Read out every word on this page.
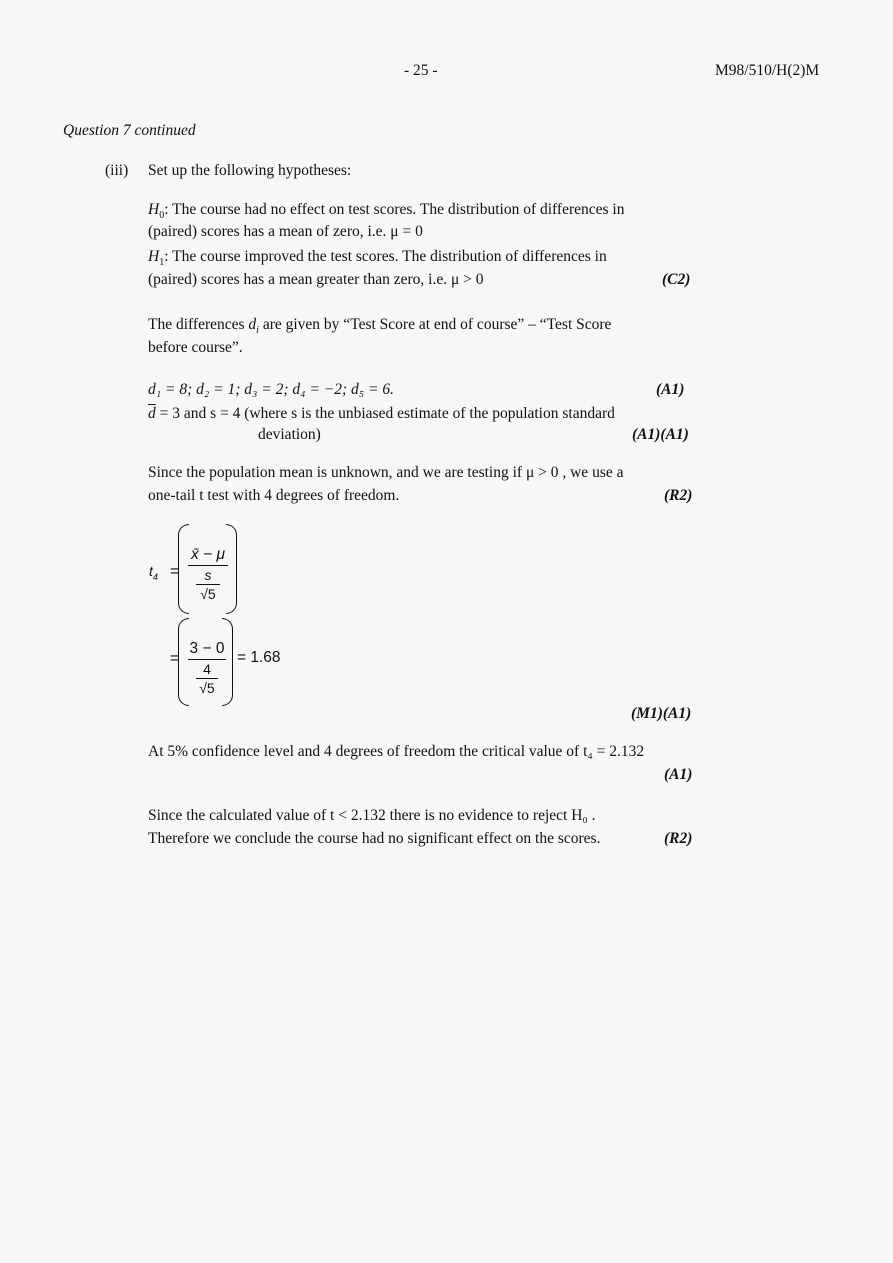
- 25 -	M98/510/H(2)M
Question 7 continued
(iii) Set up the following hypotheses:
$H_0$: The course had no effect on test scores. The distribution of differences in
(paired) scores has a mean of zero, i.e. μ = 0
$H_1$: The course improved the test scores. The distribution of differences in
(paired) scores has a mean greater than zero, i.e. μ > 0	(C2)
The differences $d_i$ are given by “Test Score at end of course” – “Test Score
before course”.
d₁ = 8; d₂ = 1; d₃ = 2; d₄ = −2; d₅ = 6.	(A1)
$\overline{d} = 3$ and s = 4 (where s is the unbiased estimate of the population standard
deviation)	(A1)(A1)
Since the population mean is unknown, and we are testing if μ > 0 , we use a
one-tail t test with 4 degrees of freedom.	(R2)
$t_4$ =
x̄ − μ
s
√5
=
3 − 0
4
√5
= 1.68
(M1)(A1)
At 5% confidence level and 4 degrees of freedom the critical value of t₄ = 2.132
(A1)
Since the calculated value of t < 2.132 there is no evidence to reject H₀ .
Therefore we conclude the course had no significant effect on the scores.	(R2)
